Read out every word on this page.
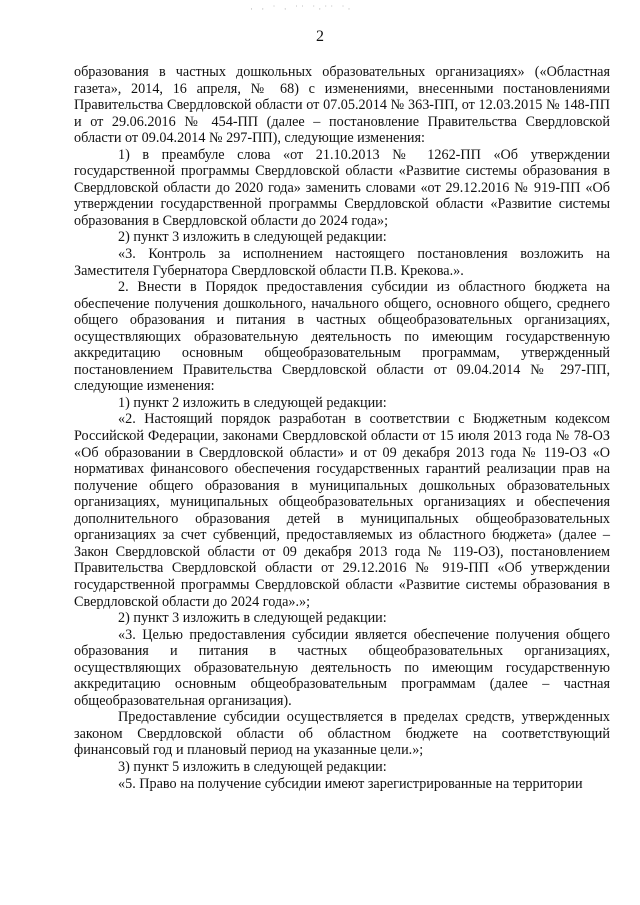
· · ˙ · ˙˙ ˙·˙˙ ˙·
2

образования в частных дошкольных образовательных организациях» («Областная газета», 2014, 16 апреля, № 68) с изменениями, внесенными постановлениями Правительства Свердловской области от 07.05.2014 № 363-ПП, от 12.03.2015 № 148-ПП и от 29.06.2016 № 454-ПП (далее – постановление Правительства Свердловской области от 09.04.2014 № 297-ПП), следующие изменения:

1) в преамбуле слова «от 21.10.2013 № 1262-ПП «Об утверждении государственной программы Свердловской области «Развитие системы образования в Свердловской области до 2020 года» заменить словами «от 29.12.2016 № 919-ПП «Об утверждении государственной программы Свердловской области «Развитие системы образования в Свердловской области до 2024 года»;

2) пункт 3 изложить в следующей редакции:

«3. Контроль за исполнением настоящего постановления возложить на Заместителя Губернатора Свердловской области П.В. Крекова.».

2. Внести в Порядок предоставления субсидии из областного бюджета на обеспечение получения дошкольного, начального общего, основного общего, среднего общего образования и питания в частных общеобразовательных организациях, осуществляющих образовательную деятельность по имеющим государственную аккредитацию основным общеобразовательным программам, утвержденный постановлением Правительства Свердловской области от 09.04.2014 № 297-ПП, следующие изменения:

1) пункт 2 изложить в следующей редакции:

«2. Настоящий порядок разработан в соответствии с Бюджетным кодексом Российской Федерации, законами Свердловской области от 15 июля 2013 года № 78-ОЗ «Об образовании в Свердловской области» и от 09 декабря 2013 года № 119-ОЗ «О нормативах финансового обеспечения государственных гарантий реализации прав на получение общего образования в муниципальных дошкольных образовательных организациях, муниципальных общеобразовательных организациях и обеспечения дополнительного образования детей в муниципальных общеобразовательных организациях за счет субвенций, предоставляемых из областного бюджета» (далее – Закон Свердловской области от 09 декабря 2013 года № 119-ОЗ), постановлением Правительства Свердловской области от 29.12.2016 № 919-ПП «Об утверждении государственной программы Свердловской области «Развитие системы образования в Свердловской области до 2024 года».»;

2) пункт 3 изложить в следующей редакции:

«3. Целью предоставления субсидии является обеспечение получения общего образования и питания в частных общеобразовательных организациях, осуществляющих образовательную деятельность по имеющим государственную аккредитацию основным общеобразовательным программам (далее – частная общеобразовательная организация).

Предоставление субсидии осуществляется в пределах средств, утвержденных законом Свердловской области об областном бюджете на соответствующий финансовый год и плановый период на указанные цели.»;

3) пункт 5 изложить в следующей редакции:

«5. Право на получение субсидии имеют зарегистрированные на территории
